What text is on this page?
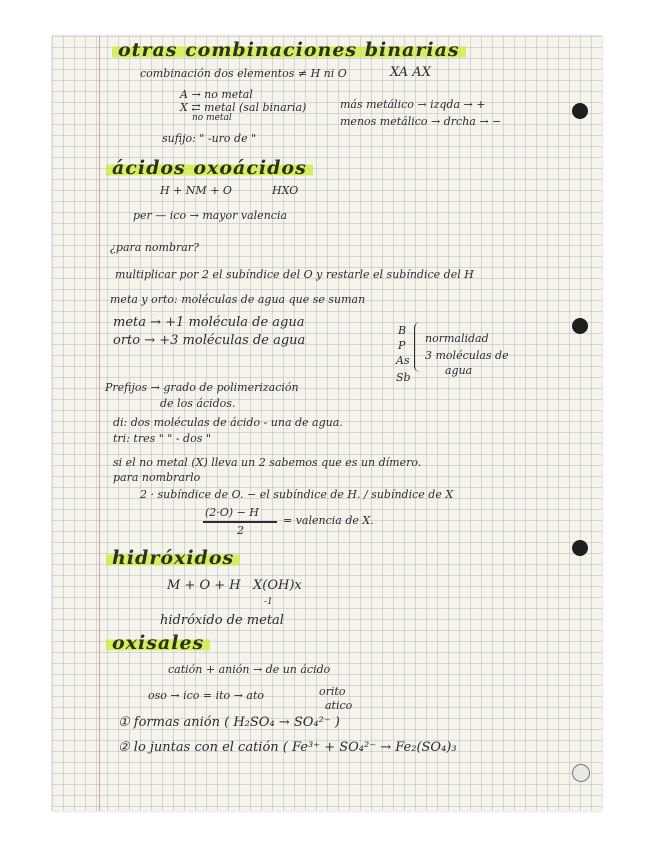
otras combinaciones binarias
combinación dos elementos ≠ H ni O	XA AX
A → no metal
X ⇄ metal (sal binaria)
no metal
más metálico → izqda → +
menos metálico → drcha → −
sufijo: " -uro de "
ácidos oxoácidos
H + NM + O	HXO
per — ico → mayor valencia
¿para nombrar?
multiplicar por 2 el subíndice del O y restarle el subíndice del H
meta y orto: moléculas de agua que se suman
meta → +1 molécula de agua
orto → +3 moléculas de agua
B
P
As
Sb
normalidad
3 moléculas de
agua
Prefijos → grado de polimerización
de los ácidos.
di: dos moléculas de ácido - una de agua.
tri: tres " " - dos "
si el no metal (X) lleva un 2 sabemos que es un dímero.
para nombrarlo
2 · subíndice de O. − el subíndice de H. / subíndice de X
(2·O) − H
2
= valencia de X.
hidróxidos
M + O + H X(OH)x
-1
hidróxido de metal
oxisales
catión + anión → de un ácido
oso → ico = ito → ato	orito
atico
① formas anión ( H₂SO₄ → SO₄²⁻ )
② lo juntas con el catión ( Fe³⁺ + SO₄²⁻ → Fe₂(SO₄)₃
